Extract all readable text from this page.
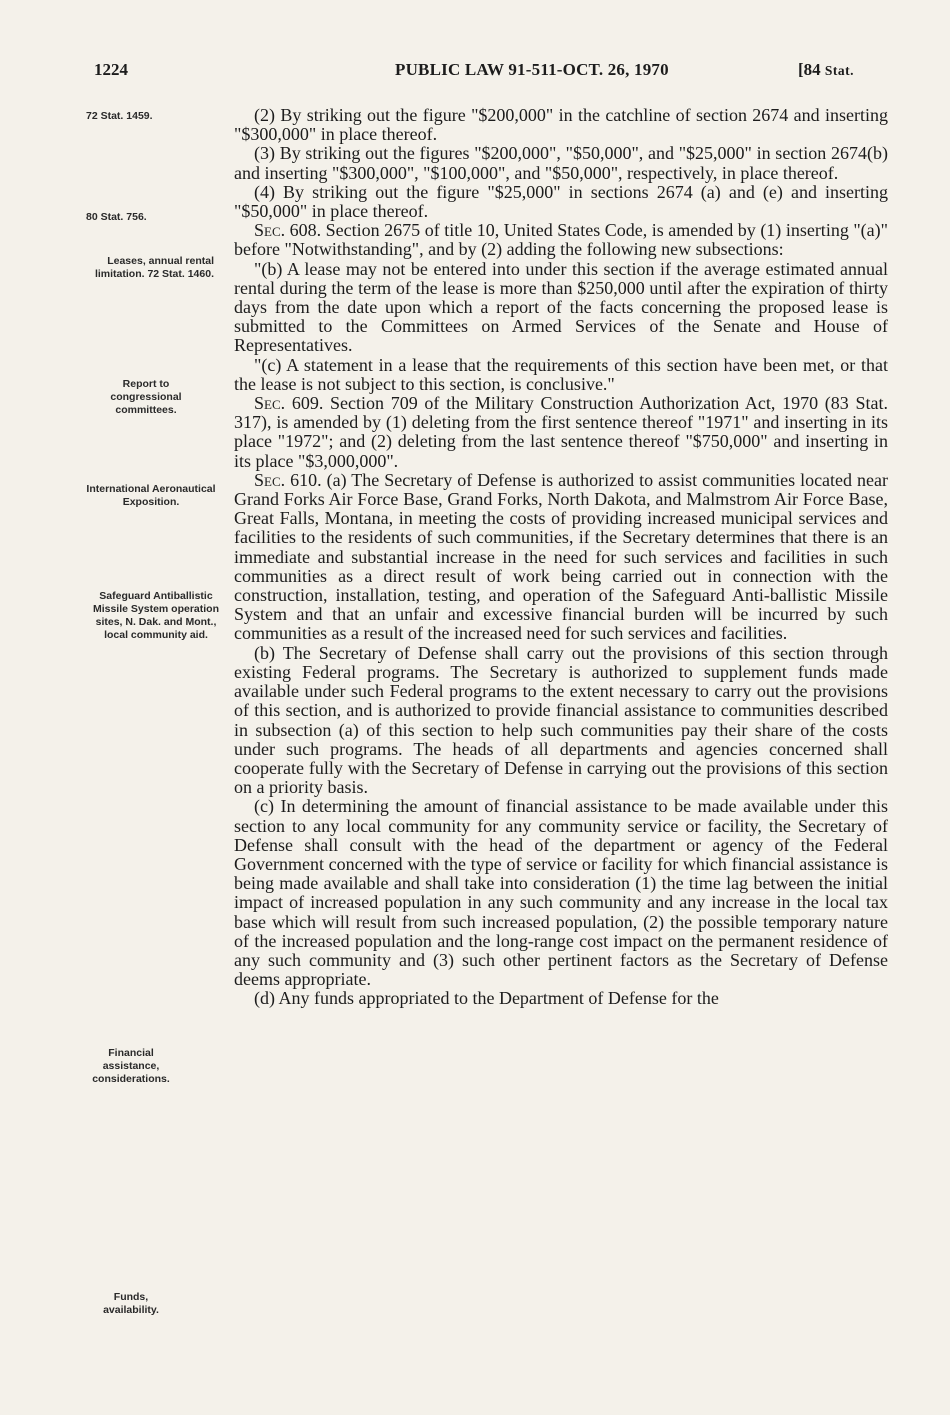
1224	PUBLIC LAW 91-511-OCT. 26, 1970	[84 Stat.
72 Stat. 1459.
80 Stat. 756.
Leases, annual rental limitation. 72 Stat. 1460.
Report to congressional committees.
International Aeronautical Exposition.
Safeguard Antiballistic Missile System operation sites, N. Dak. and Mont., local community aid.
Financial assistance, considerations.
Funds, availability.

(2) By striking out the figure "$200,000" in the catchline of section 2674 and inserting "$300,000" in place thereof.

(3) By striking out the figures "$200,000", "$50,000", and "$25,000" in section 2674(b) and inserting "$300,000", "$100,000", and "$50,000", respectively, in place thereof.

(4) By striking out the figure "$25,000" in sections 2674 (a) and (e) and inserting "$50,000" in place thereof.

Sec. 608. Section 2675 of title 10, United States Code, is amended by (1) inserting "(a)" before "Notwithstanding", and by (2) adding the following new subsections:

"(b) A lease may not be entered into under this section if the average estimated annual rental during the term of the lease is more than $250,000 until after the expiration of thirty days from the date upon which a report of the facts concerning the proposed lease is submitted to the Committees on Armed Services of the Senate and House of Representatives.

"(c) A statement in a lease that the requirements of this section have been met, or that the lease is not subject to this section, is conclusive."

Sec. 609. Section 709 of the Military Construction Authorization Act, 1970 (83 Stat. 317), is amended by (1) deleting from the first sentence thereof "1971" and inserting in its place "1972"; and (2) deleting from the last sentence thereof "$750,000" and inserting in its place "$3,000,000".

Sec. 610. (a) The Secretary of Defense is authorized to assist communities located near Grand Forks Air Force Base, Grand Forks, North Dakota, and Malmstrom Air Force Base, Great Falls, Montana, in meeting the costs of providing increased municipal services and facilities to the residents of such communities, if the Secretary determines that there is an immediate and substantial increase in the need for such services and facilities in such communities as a direct result of work being carried out in connection with the construction, installation, testing, and operation of the Safeguard Anti-ballistic Missile System and that an unfair and excessive financial burden will be incurred by such communities as a result of the increased need for such services and facilities.

(b) The Secretary of Defense shall carry out the provisions of this section through existing Federal programs. The Secretary is authorized to supplement funds made available under such Federal programs to the extent necessary to carry out the provisions of this section, and is authorized to provide financial assistance to communities described in subsection (a) of this section to help such communities pay their share of the costs under such programs. The heads of all departments and agencies concerned shall cooperate fully with the Secretary of Defense in carrying out the provisions of this section on a priority basis.

(c) In determining the amount of financial assistance to be made available under this section to any local community for any community service or facility, the Secretary of Defense shall consult with the head of the department or agency of the Federal Government concerned with the type of service or facility for which financial assistance is being made available and shall take into consideration (1) the time lag between the initial impact of increased population in any such community and any increase in the local tax base which will result from such increased population, (2) the possible temporary nature of the increased population and the long-range cost impact on the permanent residence of any such community and (3) such other pertinent factors as the Secretary of Defense deems appropriate.

(d) Any funds appropriated to the Department of Defense for the
